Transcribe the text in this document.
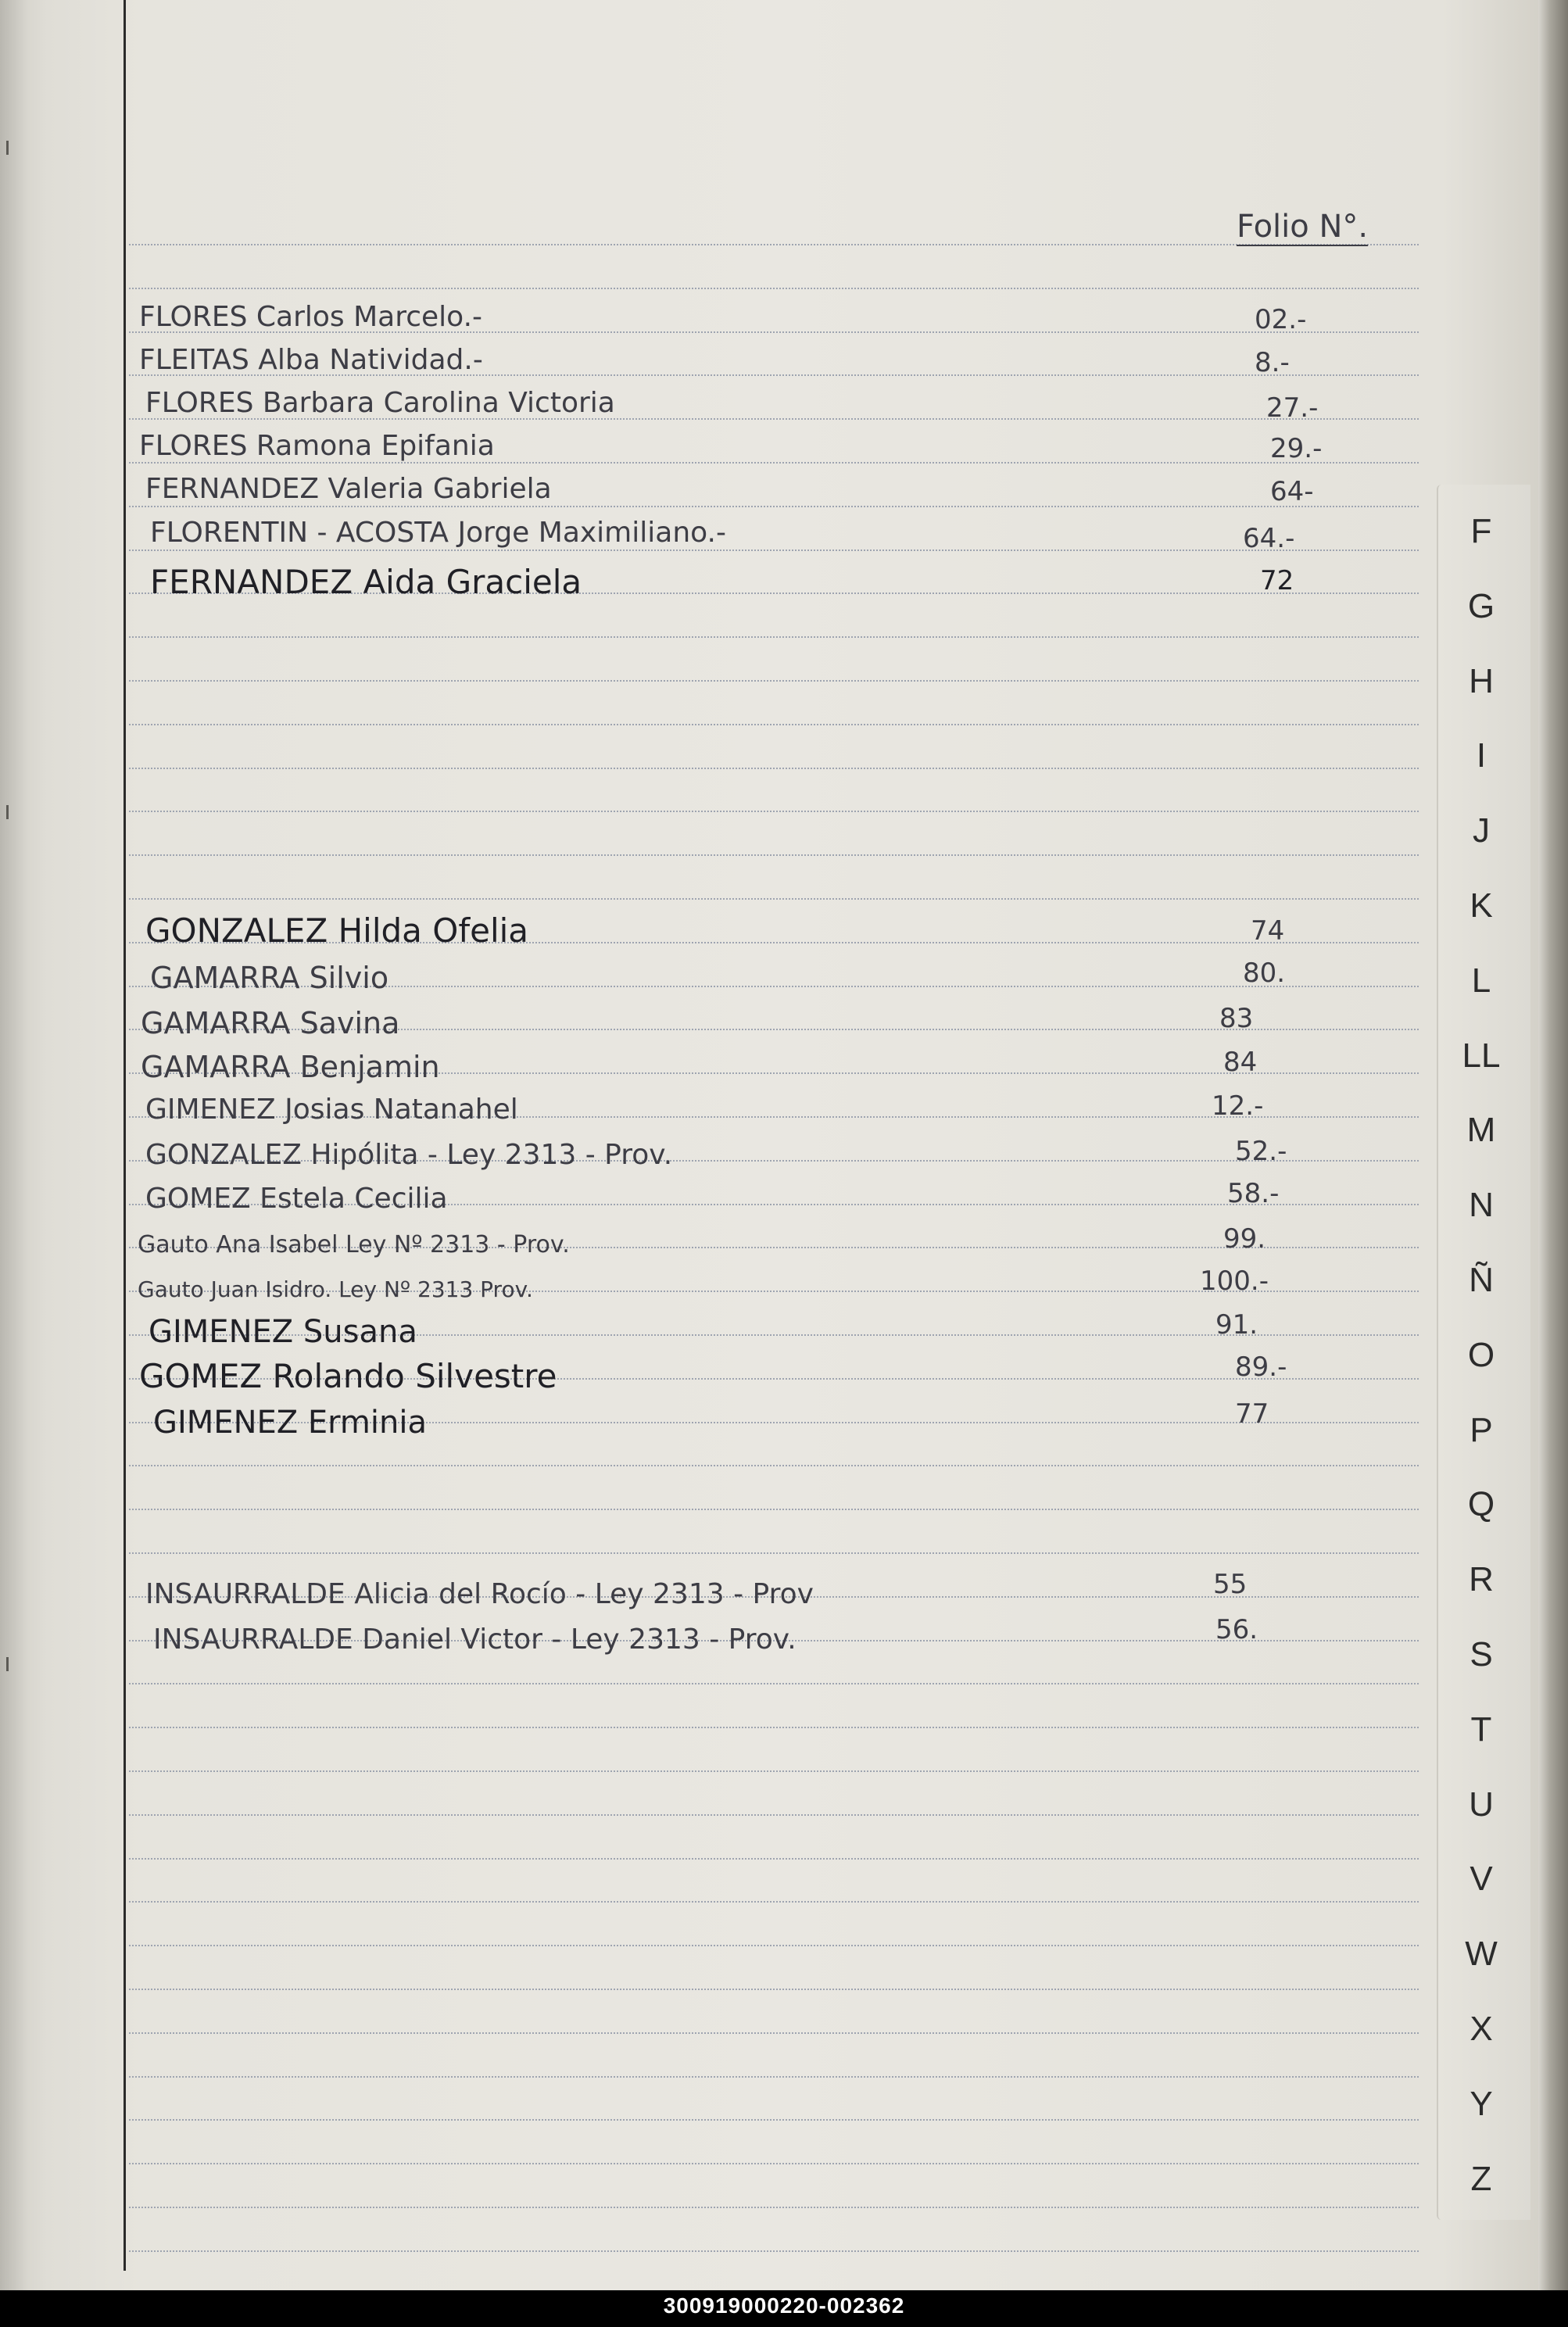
Folio N°.
FLORES Carlos Marcelo.-	02.-
FLEITAS Alba Natividad.-	8.-
FLORES Barbara Carolina Victoria	27.-
FLORES Ramona Epifania	29.-
FERNANDEZ Valeria Gabriela	64-
FLORENTIN - ACOSTA Jorge Maximiliano.-	64.-
FERNANDEZ Aida Graciela	72
GONZALEZ Hilda Ofelia	74
GAMARRA Silvio	80.
GAMARRA Savina	83
GAMARRA Benjamin	84
GIMENEZ Josias Natanahel	12.-
GONZALEZ Hipólita - Ley 2313 - Prov.	52.-
GOMEZ Estela Cecilia	58.-
Gauto Ana Isabel Ley Nº 2313 - Prov.	99.
Gauto Juan Isidro. Ley Nº 2313 Prov.	100.-
GIMENEZ Susana	91.
GOMEZ Rolando Silvestre	89.-
GIMENEZ Erminia	77
INSAURRALDE Alicia del Rocío - Ley 2313 - Prov	55
INSAURRALDE Daniel Victor - Ley 2313 - Prov.	56.
F
G
H
I
J
K
L
LL
M
N
Ñ
O
P
Q
R
S
T
U
V
W
X
Y
Z
300919000220-002362
